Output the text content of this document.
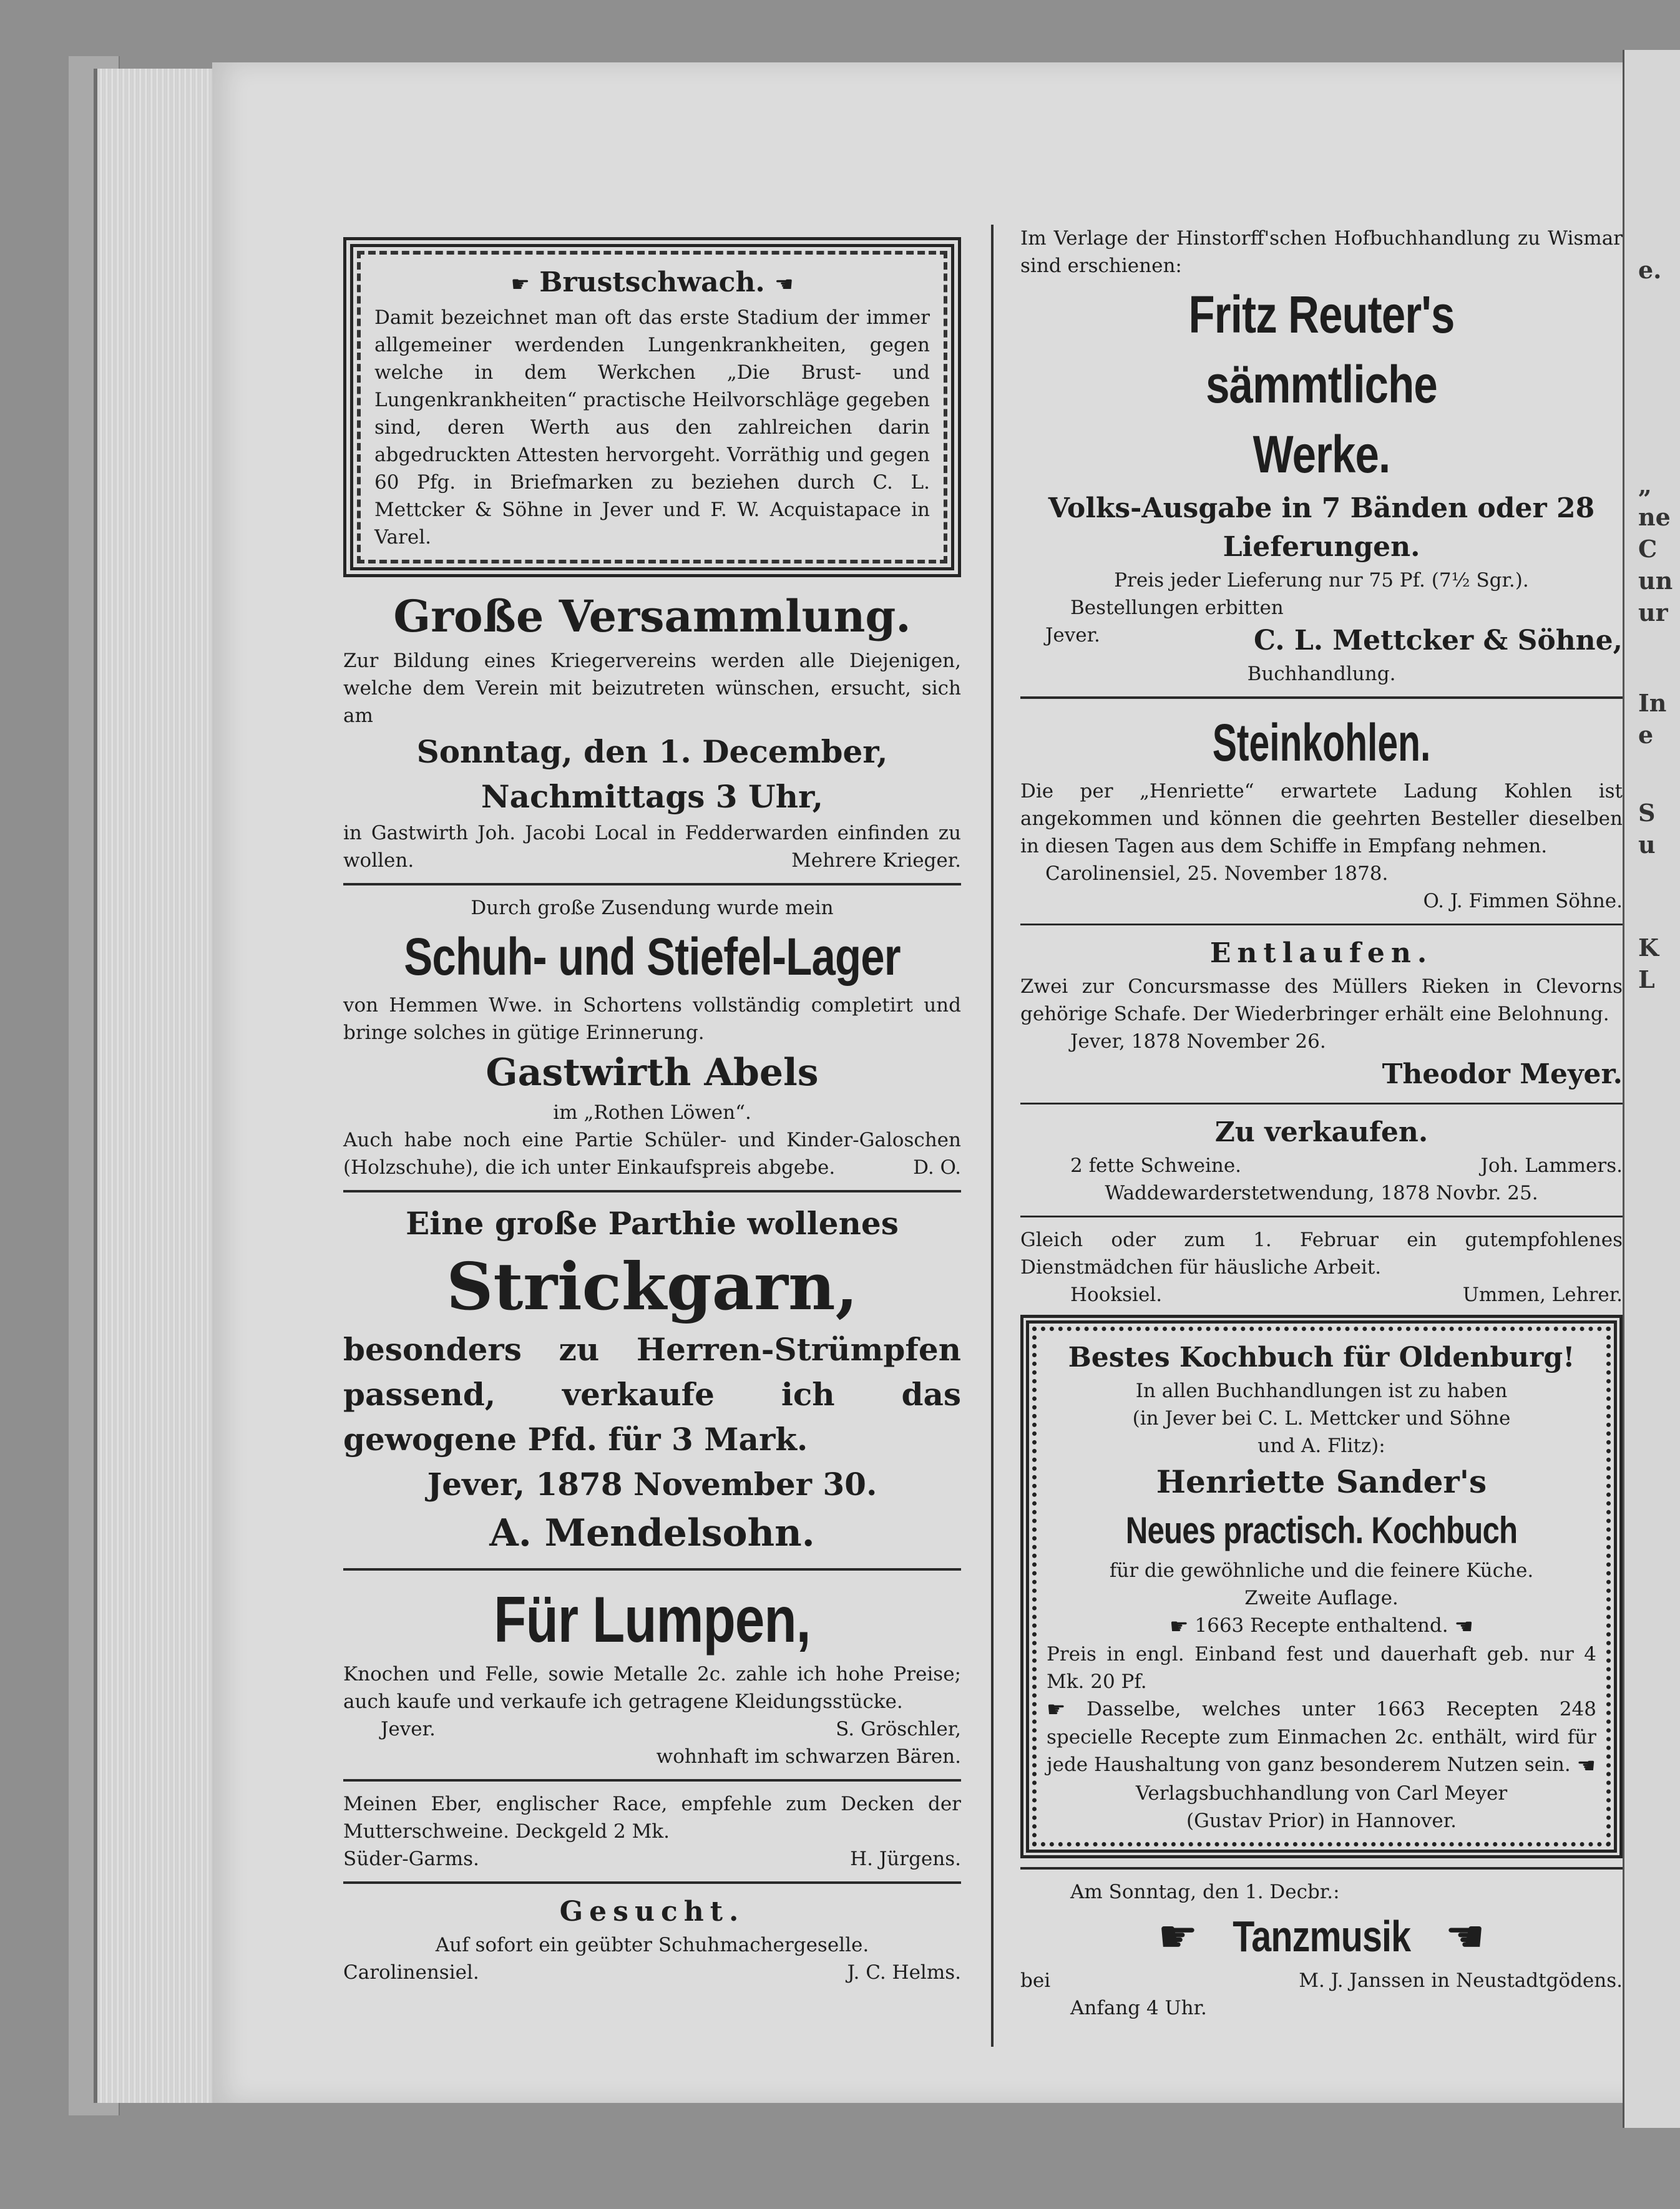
e.
„
ne
C
un
ur
In
e
S
u
K
L

☛ Brustschwach. ☚

Damit bezeichnet man oft das erste Stadium der immer allgemeiner werdenden Lungenkrankheiten, gegen welche in dem Werkchen „Die Brust- und Lungenkrankheiten“ practische Heilvorschläge gegeben sind, deren Werth aus den zahlreichen darin abgedruckten Attesten hervorgeht. Vorräthig und gegen 60 Pfg. in Briefmarken zu beziehen durch C. L. Mettcker & Söhne in Jever und F. W. Acquistapace in Varel.

Große Versammlung.

Zur Bildung eines Kriegervereins werden alle Diejenigen, welche dem Verein mit beizutreten wünschen, ersucht, sich am

Sonntag, den 1. December,

Nachmittags 3 Uhr,

in Gastwirth Joh. Jacobi Local in Fedderwarden einfinden zu wollen.	Mehrere Krieger.

Durch große Zusendung wurde mein

Schuh- und Stiefel-Lager

von Hemmen Wwe. in Schortens vollständig completirt und bringe solches in gütige Erinnerung.

Gastwirth Abels

im „Rothen Löwen“.

Auch habe noch eine Partie Schüler- und Kinder-Galoschen (Holzschuhe), die ich unter Einkaufspreis abgebe.	D. O.

Eine große Parthie wollenes

Strickgarn,

besonders zu Herren-Strümpfen passend, verkaufe ich das gewogene Pfd. für 3 Mark.

Jever, 1878 November 30.

A. Mendelsohn.

Für Lumpen,

Knochen und Felle, sowie Metalle 2c. zahle ich hohe Preise; auch kaufe und verkaufe ich getragene Kleidungsstücke.

Jever.	S. Gröschler,

wohnhaft im schwarzen Bären.

Meinen Eber, englischer Race, empfehle zum Decken der Mutterschweine. Deckgeld 2 Mk.

Süder-Garms.	H. Jürgens.

Gesucht.

Auf sofort ein geübter Schuhmachergeselle.

Carolinensiel.	J. C. Helms.

Im Verlage der Hinstorff'schen Hofbuchhandlung zu Wismar sind erschienen:

Fritz Reuter's sämmtliche

Werke.

Volks-Ausgabe in 7 Bänden oder 28 Lieferungen.

Preis jeder Lieferung nur 75 Pf. (7½ Sgr.).

Bestellungen erbitten

Jever.	C. L. Mettcker & Söhne,

Buchhandlung.

Steinkohlen.

Die per „Henriette“ erwartete Ladung Kohlen ist angekommen und können die geehrten Besteller dieselben in diesen Tagen aus dem Schiffe in Empfang nehmen.

Carolinensiel, 25. November 1878.

O. J. Fimmen Söhne.

Entlaufen.

Zwei zur Concursmasse des Müllers Rieken in Clevorns gehörige Schafe. Der Wiederbringer erhält eine Belohnung.

Jever, 1878 November 26.

Theodor Meyer.

Zu verkaufen.

2 fette Schweine.	Joh. Lammers.

Waddewarderstetwendung, 1878 Novbr. 25.

Gleich oder zum 1. Februar ein gutempfohlenes Dienstmädchen für häusliche Arbeit.

Hooksiel.	Ummen, Lehrer.

Bestes Kochbuch für Oldenburg!

In allen Buchhandlungen ist zu haben

(in Jever bei C. L. Mettcker und Söhne

und A. Flitz):

Henriette Sander's

Neues practisch. Kochbuch

für die gewöhnliche und die feinere Küche.

Zweite Auflage.

☛ 1663 Recepte enthaltend. ☚

Preis in engl. Einband fest und dauerhaft geb. nur 4 Mk. 20 Pf.

☛ Dasselbe, welches unter 1663 Recepten 248 specielle Recepte zum Einmachen 2c. enthält, wird für jede Haushaltung von ganz besonderem Nutzen sein. ☚

Verlagsbuchhandlung von Carl Meyer

(Gustav Prior) in Hannover.

Am Sonntag, den 1. Decbr.:

☛ Tanzmusik ☚
bei	M. J. Janssen in Neustadtgödens.

Anfang 4 Uhr.
